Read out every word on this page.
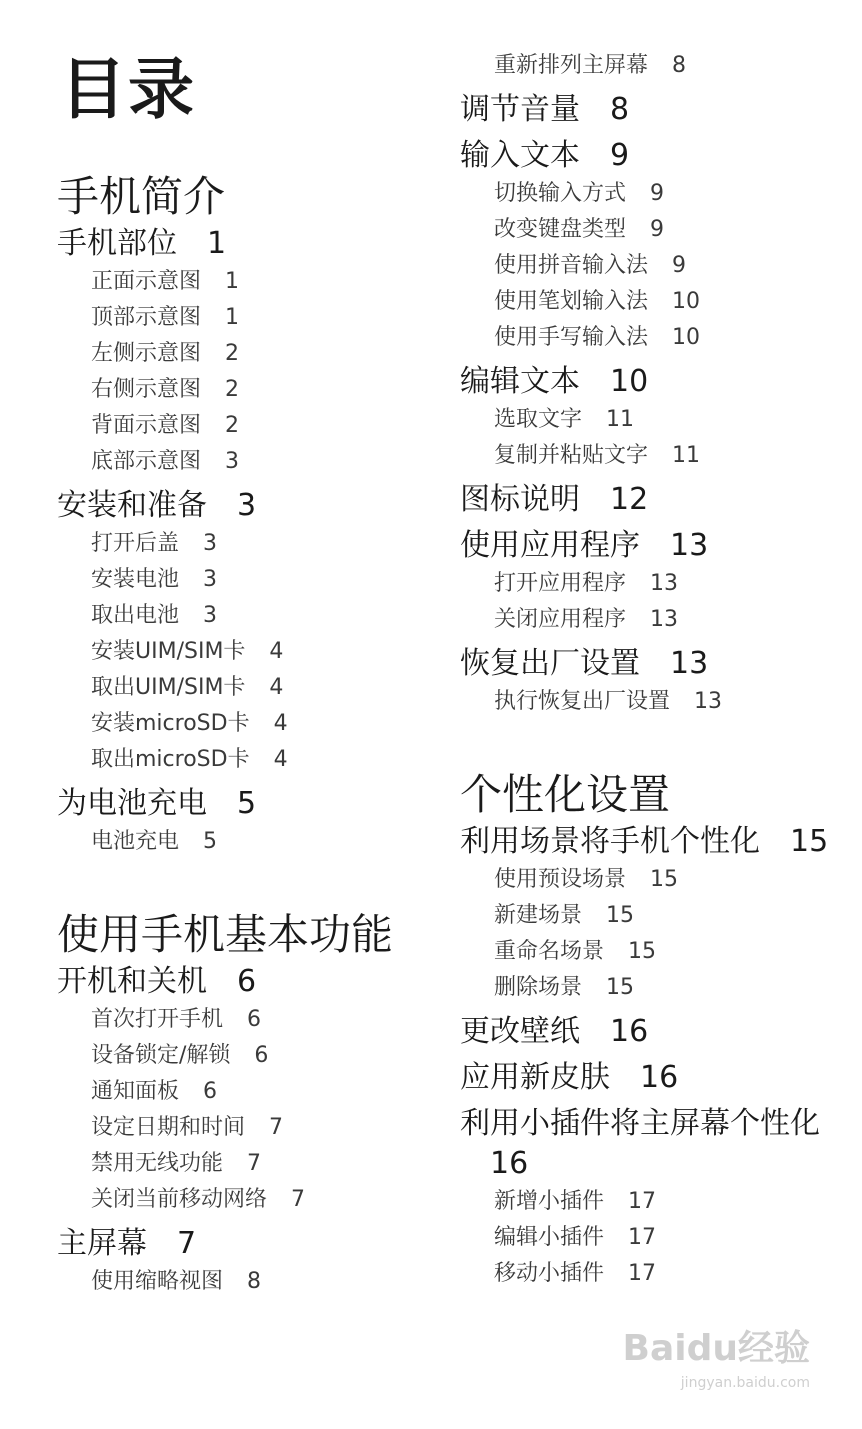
目录
手机简介
手机部位 1
正面示意图 1
顶部示意图 1
左侧示意图 2
右侧示意图 2
背面示意图 2
底部示意图 3
安装和准备 3
打开后盖 3
安装电池 3
取出电池 3
安装UIM/SIM卡 4
取出UIM/SIM卡 4
安装microSD卡 4
取出microSD卡 4
为电池充电 5
电池充电 5
使用手机基本功能
开机和关机 6
首次打开手机 6
设备锁定/解锁 6
通知面板 6
设定日期和时间 7
禁用无线功能 7
关闭当前移动网络 7
主屏幕 7
使用缩略视图 8
重新排列主屏幕 8
调节音量 8
输入文本 9
切换输入方式 9
改变键盘类型 9
使用拼音输入法 9
使用笔划输入法 10
使用手写输入法 10
编辑文本 10
选取文字 11
复制并粘贴文字 11
图标说明 12
使用应用程序 13
打开应用程序 13
关闭应用程序 13
恢复出厂设置 13
执行恢复出厂设置 13
个性化设置
利用场景将手机个性化 15
使用预设场景 15
新建场景 15
重命名场景 15
删除场景 15
更改壁纸 16
应用新皮肤 16
利用小插件将主屏幕个性化16
新增小插件 17
编辑小插件 17
移动小插件 17
Baidu经验
jingyan.baidu.com
